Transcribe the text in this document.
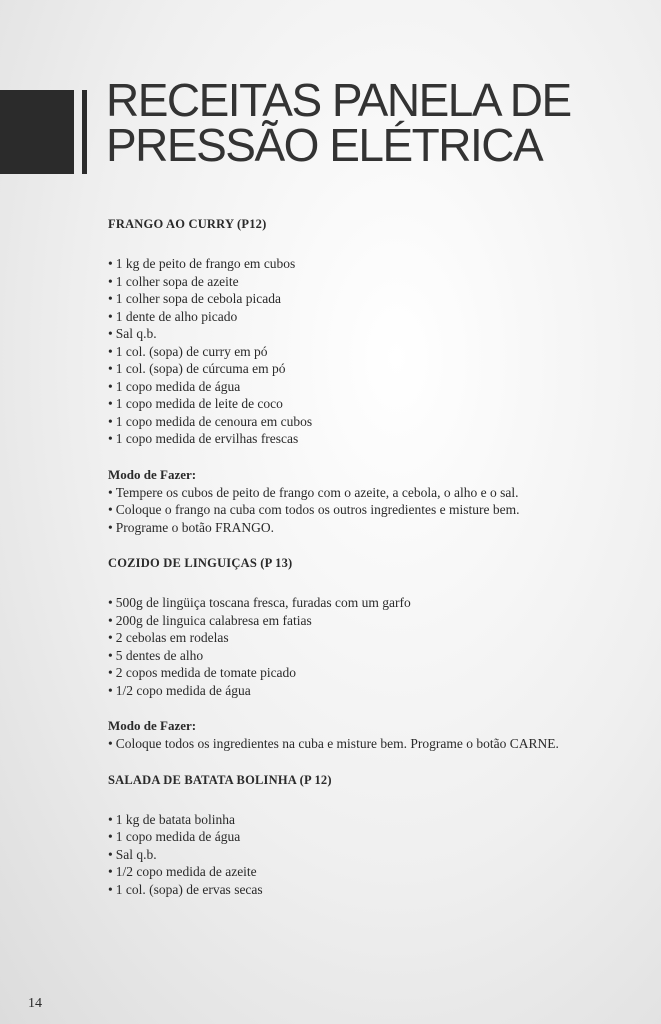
RECEITAS PANELA DE
PRESSÃO ELÉTRICA
FRANGO AO CURRY (P12)
• 1 kg de peito de frango em cubos
• 1 colher sopa de azeite
• 1 colher sopa de cebola picada
• 1 dente de alho picado
• Sal q.b.
• 1 col. (sopa) de curry em pó
• 1 col. (sopa) de cúrcuma em pó
• 1 copo medida de água
• 1 copo medida de leite de coco
• 1 copo medida de cenoura em cubos
• 1 copo medida de ervilhas frescas
Modo de Fazer:
• Tempere os cubos de peito de frango com o azeite, a cebola, o alho e o sal.
• Coloque o frango na cuba com todos os outros ingredientes e misture bem.
• Programe o botão FRANGO.
COZIDO DE LINGUIÇAS (P 13)
• 500g de lingüiça toscana fresca, furadas com um garfo
• 200g de linguica calabresa em fatias
• 2 cebolas em rodelas
• 5 dentes de alho
• 2 copos medida de tomate picado
• 1/2 copo medida de água
Modo de Fazer:
• Coloque todos os ingredientes na cuba e misture bem. Programe o botão CARNE.
SALADA DE BATATA BOLINHA (P 12)
• 1 kg de batata bolinha
• 1 copo medida de água
• Sal q.b.
• 1/2 copo medida de azeite
• 1 col. (sopa) de ervas secas
14
